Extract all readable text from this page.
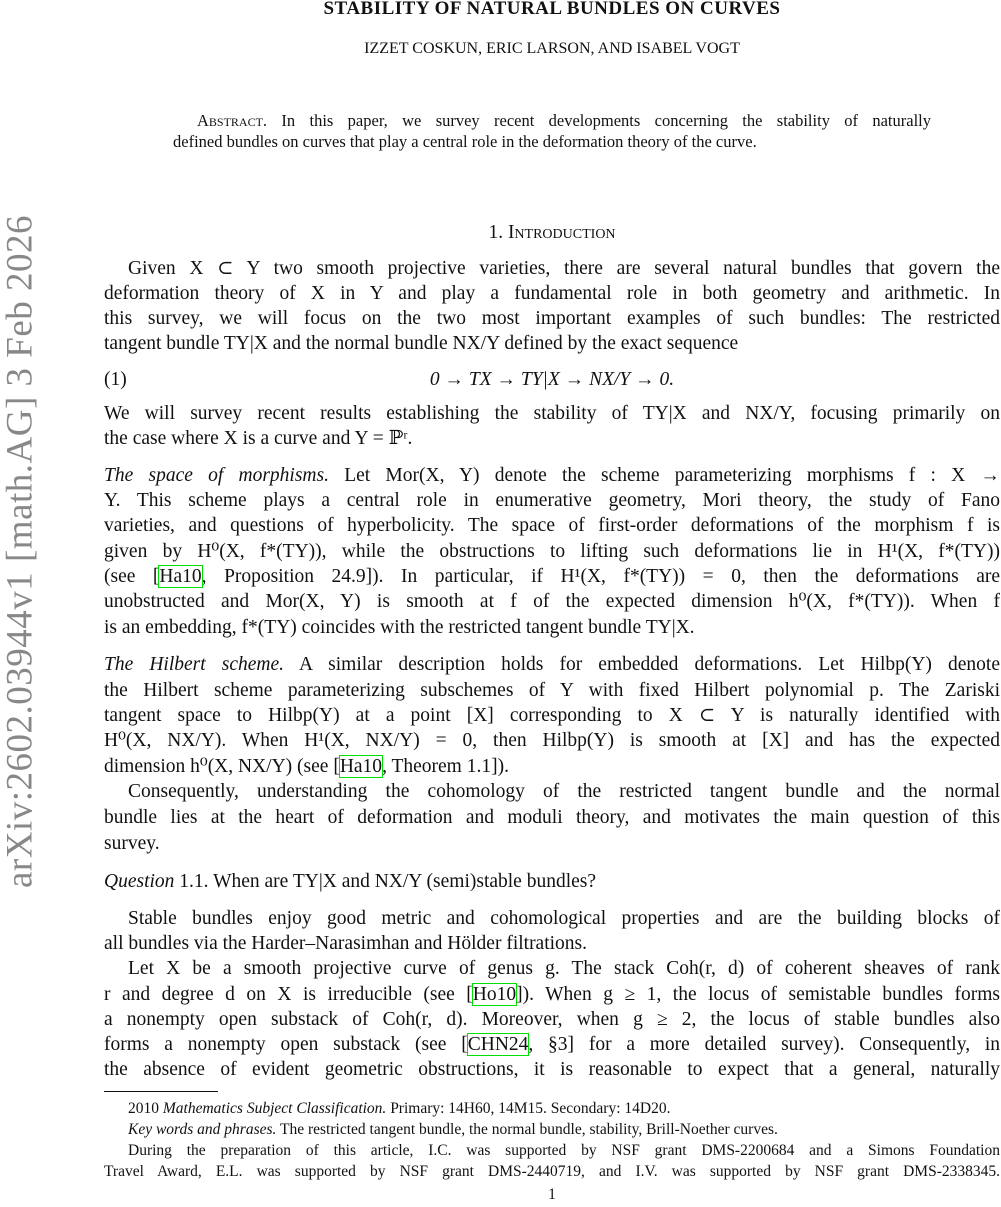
arXiv:2602.03944v1 [math.AG] 3 Feb 2026
STABILITY OF NATURAL BUNDLES ON CURVES
IZZET COSKUN, ERIC LARSON, AND ISABEL VOGT
Abstract. In this paper, we survey recent developments concerning the stability of naturally
defined bundles on curves that play a central role in the deformation theory of the curve.
1. Introduction
Given X ⊂ Y two smooth projective varieties, there are several natural bundles that govern the
deformation theory of X in Y and play a fundamental role in both geometry and arithmetic. In
this survey, we will focus on the two most important examples of such bundles: The restricted
tangent bundle TY|X and the normal bundle NX/Y defined by the exact sequence
(1)	0 → TX → TY|X → NX/Y → 0.
We will survey recent results establishing the stability of TY|X and NX/Y, focusing primarily on
the case where X is a curve and Y = ℙʳ.
The space of morphisms. Let Mor(X, Y) denote the scheme parameterizing morphisms f : X →
Y. This scheme plays a central role in enumerative geometry, Mori theory, the study of Fano
varieties, and questions of hyperbolicity. The space of first-order deformations of the morphism f is
given by H⁰(X, f*(TY)), while the obstructions to lifting such deformations lie in H¹(X, f*(TY))
(see [Ha10, Proposition 24.9]). In particular, if H¹(X, f*(TY)) = 0, then the deformations are
unobstructed and Mor(X, Y) is smooth at f of the expected dimension h⁰(X, f*(TY)). When f
is an embedding, f*(TY) coincides with the restricted tangent bundle TY|X.
The Hilbert scheme. A similar description holds for embedded deformations. Let Hilbp(Y) denote
the Hilbert scheme parameterizing subschemes of Y with fixed Hilbert polynomial p. The Zariski
tangent space to Hilbp(Y) at a point [X] corresponding to X ⊂ Y is naturally identified with
H⁰(X, NX/Y). When H¹(X, NX/Y) = 0, then Hilbp(Y) is smooth at [X] and has the expected
dimension h⁰(X, NX/Y) (see [Ha10, Theorem 1.1]).
Consequently, understanding the cohomology of the restricted tangent bundle and the normal
bundle lies at the heart of deformation and moduli theory, and motivates the main question of this
survey.
Question 1.1. When are TY|X and NX/Y (semi)stable bundles?
Stable bundles enjoy good metric and cohomological properties and are the building blocks of
all bundles via the Harder–Narasimhan and Hölder filtrations.
Let X be a smooth projective curve of genus g. The stack Coh(r, d) of coherent sheaves of rank
r and degree d on X is irreducible (see [Ho10]). When g ≥ 1, the locus of semistable bundles forms
a nonempty open substack of Coh(r, d). Moreover, when g ≥ 2, the locus of stable bundles also
forms a nonempty open substack (see [CHN24, §3] for a more detailed survey). Consequently, in
the absence of evident geometric obstructions, it is reasonable to expect that a general, naturally
2010 Mathematics Subject Classification. Primary: 14H60, 14M15. Secondary: 14D20.
Key words and phrases. The restricted tangent bundle, the normal bundle, stability, Brill-Noether curves.
During the preparation of this article, I.C. was supported by NSF grant DMS-2200684 and a Simons Foundation
Travel Award, E.L. was supported by NSF grant DMS-2440719, and I.V. was supported by NSF grant DMS-2338345.
1
